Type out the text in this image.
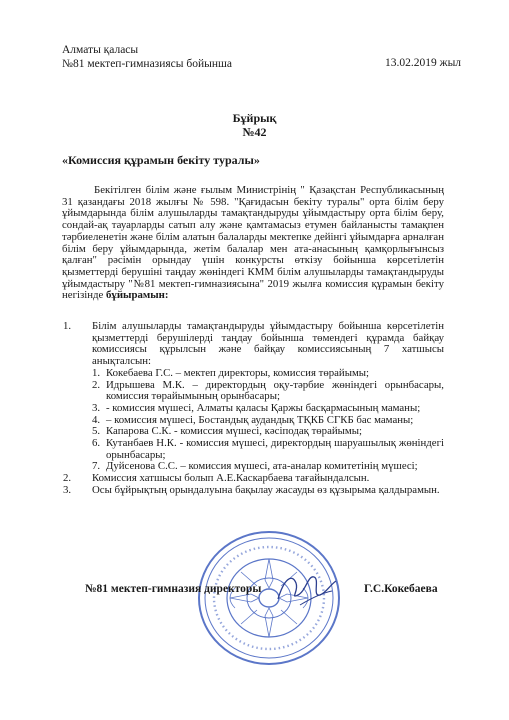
Алматы қаласы
№81 мектеп-гимназиясы бойынша	13.02.2019 жыл
Бұйрық
№42
«Комиссия құрамын бекіту туралы»
Бекітілген білім және ғылым Министрінің " Қазақстан Республикасының 31 қазандағы 2018 жылғы № 598. "Қағидасын бекіту туралы" орта білім беру ұйымдарында білім алушыларды тамақтандыруды ұйымдастыру орта білім беру, сондай-ақ тауарларды сатып алу және қамтамасыз етумен байланысты тамақпен тәрбиеленетін және білім алатын балаларды мектепке дейінгі ұйымдарға арналған білім беру ұйымдарында, жетім балалар мен ата-анасының қамқорлығынсыз қалған" рәсімін орындау үшін конкурсты өткізу бойынша көрсетілетін қызметтерді берушіні таңдау жөніндегі КММ білім алушыларды тамақтандыруды ұйымдастыру "№81 мектеп-гимназиясына" 2019 жылға комиссия құрамын бекіту негізінде бұйырамын:
1. Білім алушыларды тамақтандыруды ұйымдастыру бойынша көрсетілетін қызметтерді берушілерді таңдау бойынша төмендегі құрамда байқау комиссиясы құрылсын және байқау комиссиясының 7 хатшысы анықталсын:
1. Кокебаева Г.С. – мектеп директоры, комиссия төрайымы;
2. Идрышева М.К. – директордың оқу-тәрбие жөніндегі орынбасары, комиссия төрайымының орынбасары;
3. - комиссия мүшесі, Алматы қаласы Қаржы басқармасының маманы;
4. – комиссия мүшесі, Бостандық аудандық ТҚКБ СГКБ бас маманы;
5. Капарова С.К. - комиссия мүшесі, кәсіподақ төрайымы;
6. Кутанбаев Н.К. - комиссия мүшесі, директордың шаруашылық жөніндегі орынбасары;
7. Дуйсенова С.С. – комиссия мүшесі, ата-аналар комитетінің мүшесі;
2. Комиссия хатшысы болып А.Е.Каскарбаева тағайындалсын.
3. Осы бұйрықтың орындалуына бақылау жасауды өз құзырыма қалдырамын.
№81 мектеп-гимназия директоры	Г.С.Кокебаева
